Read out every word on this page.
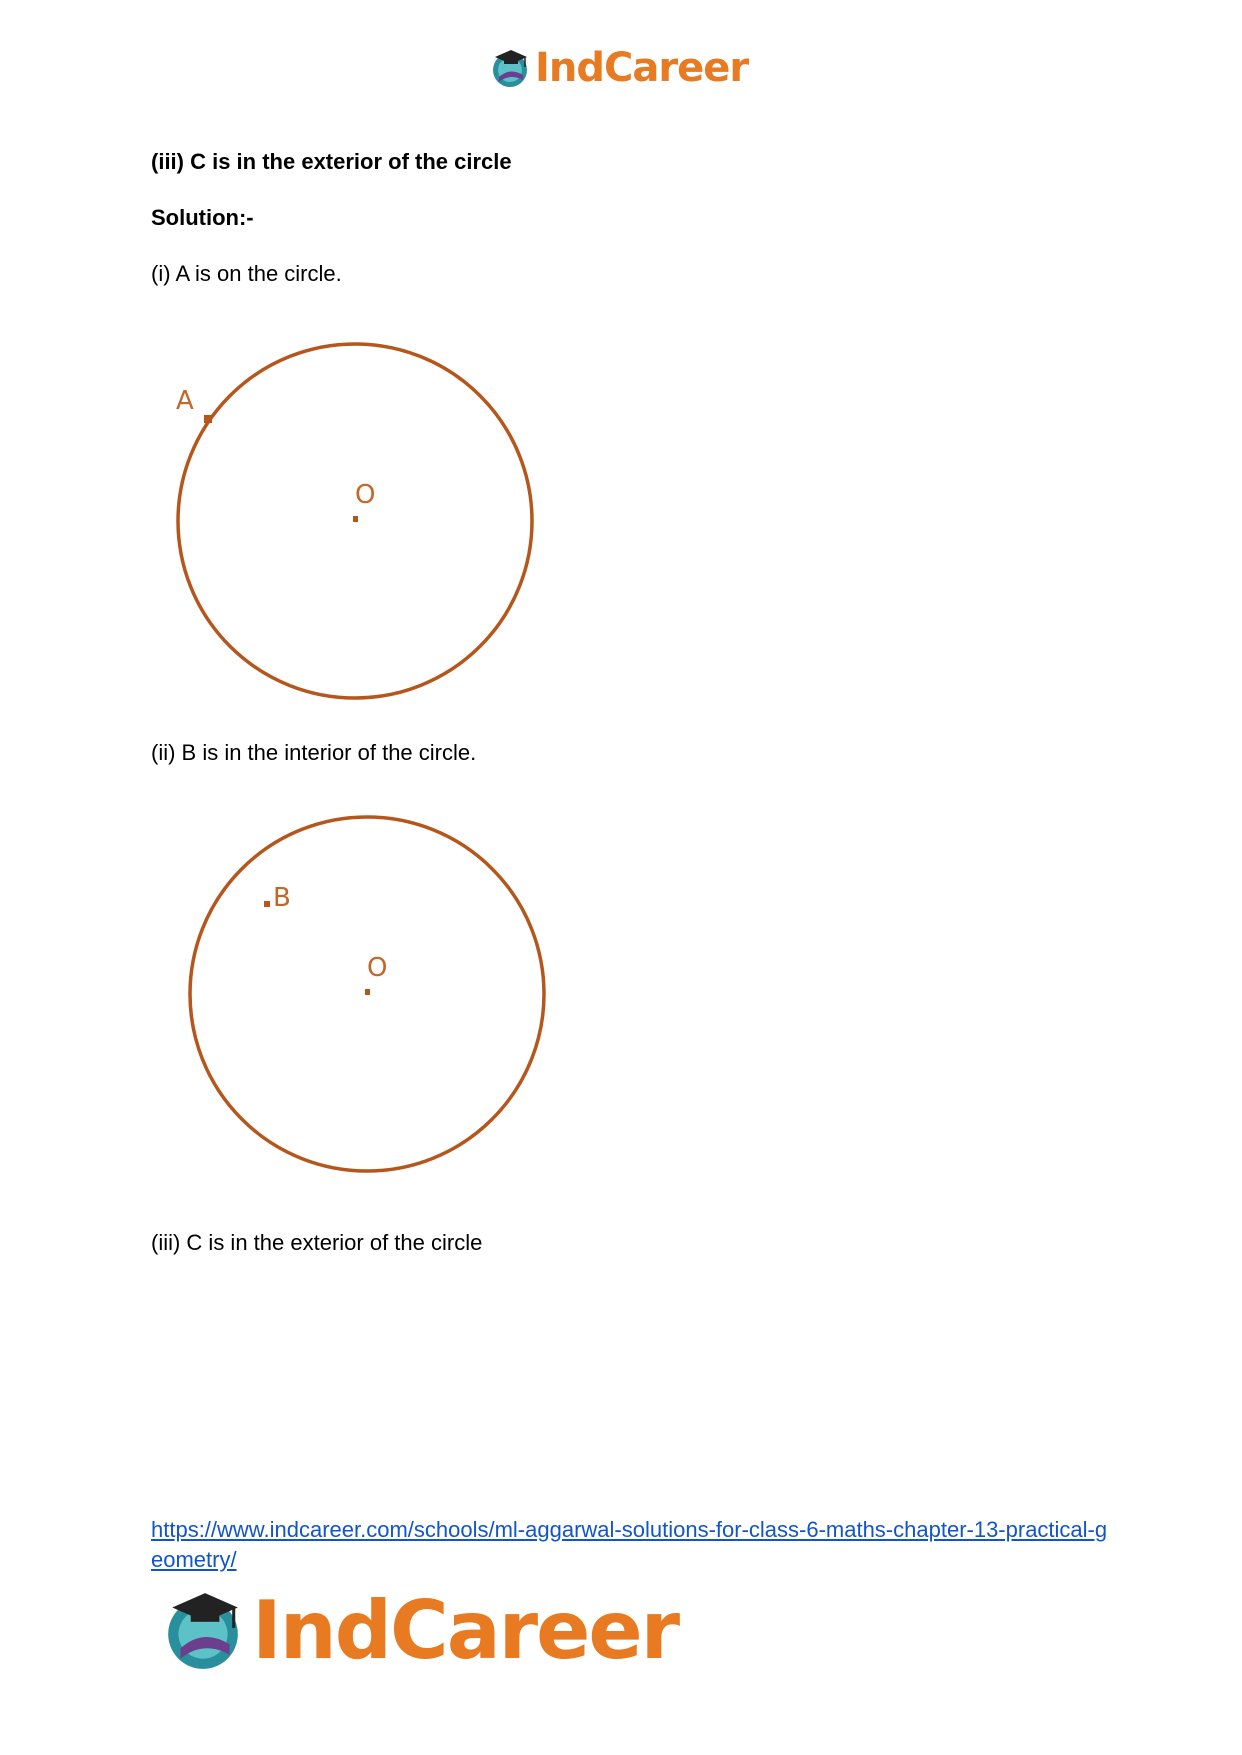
IndCareer
(iii) C is in the exterior of the circle
Solution:-
(i) A is on the circle.
A
O
(ii) B is in the interior of the circle.
B
O
(iii) C is in the exterior of the circle
https://www.indcareer.com/schools/ml-aggarwal-solutions-for-class-6-maths-chapter-13-practical-geometry/
IndCareer
